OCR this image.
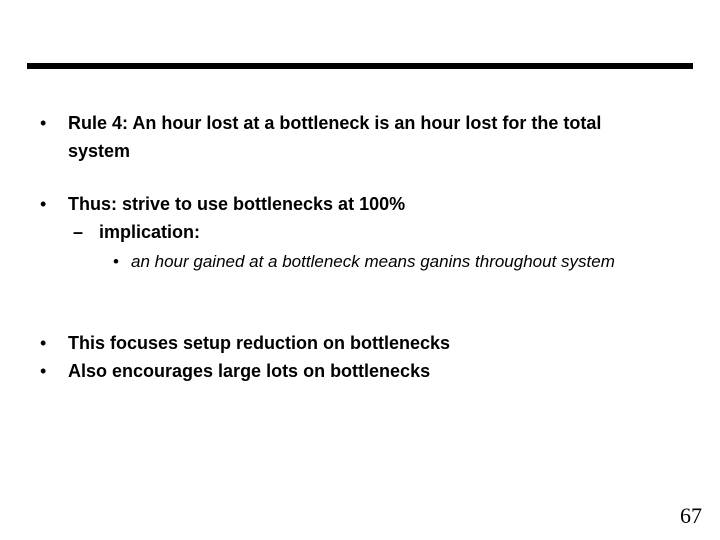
• Rule 4: An hour lost at a bottleneck is an hour lost for the total system
• Thus: strive to use bottlenecks at 100%
– implication:
• an hour gained at a bottleneck means ganins throughout system
• This focuses setup reduction on bottlenecks
• Also encourages large lots on bottlenecks
67
